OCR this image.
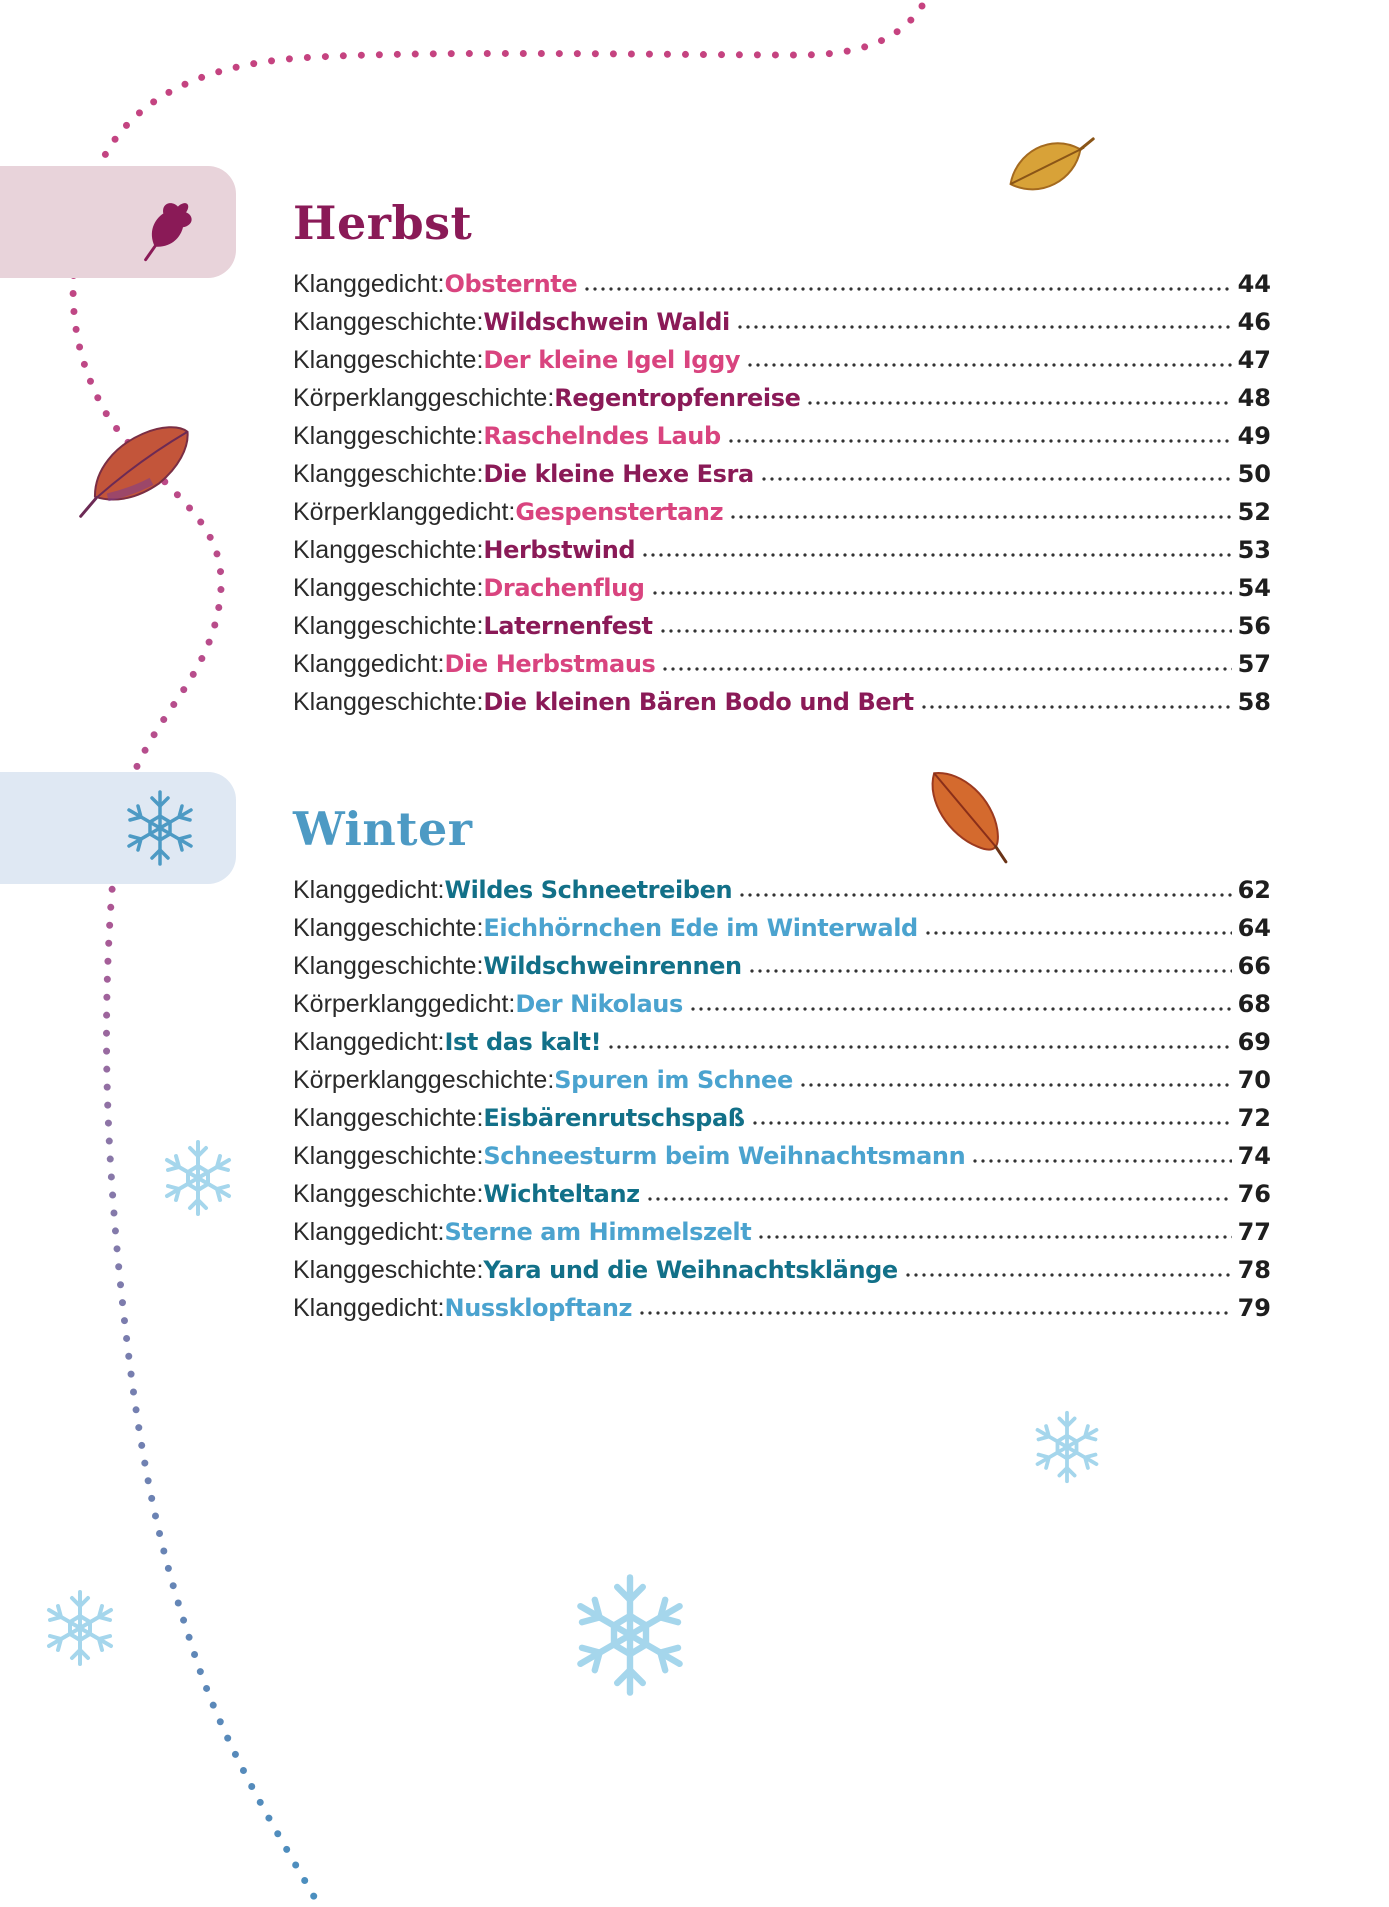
Herbst
Winter
Klanggedicht: Obsternte	44
Klanggeschichte: Wildschwein Waldi	46
Klanggeschichte: Der kleine Igel Iggy	47
Körperklanggeschichte: Regentropfenreise	48
Klanggeschichte: Raschelndes Laub	49
Klanggeschichte: Die kleine Hexe Esra	50
Körperklanggedicht: Gespenstertanz	52
Klanggeschichte: Herbstwind	53
Klanggeschichte: Drachenflug	54
Klanggeschichte: Laternenfest	56
Klanggedicht: Die Herbstmaus	57
Klanggeschichte: Die kleinen Bären Bodo und Bert	58
Klanggedicht: Wildes Schneetreiben	62
Klanggeschichte: Eichhörnchen Ede im Winterwald	64
Klanggeschichte: Wildschweinrennen	66
Körperklanggedicht: Der Nikolaus	68
Klanggedicht: Ist das kalt!	69
Körperklanggeschichte: Spuren im Schnee	70
Klanggeschichte: Eisbärenrutschspaß	72
Klanggeschichte: Schneesturm beim Weihnachtsmann	74
Klanggeschichte: Wichteltanz	76
Klanggedicht: Sterne am Himmelszelt	77
Klanggeschichte: Yara und die Weihnachtsklänge	78
Klanggedicht: Nussklopftanz	79
